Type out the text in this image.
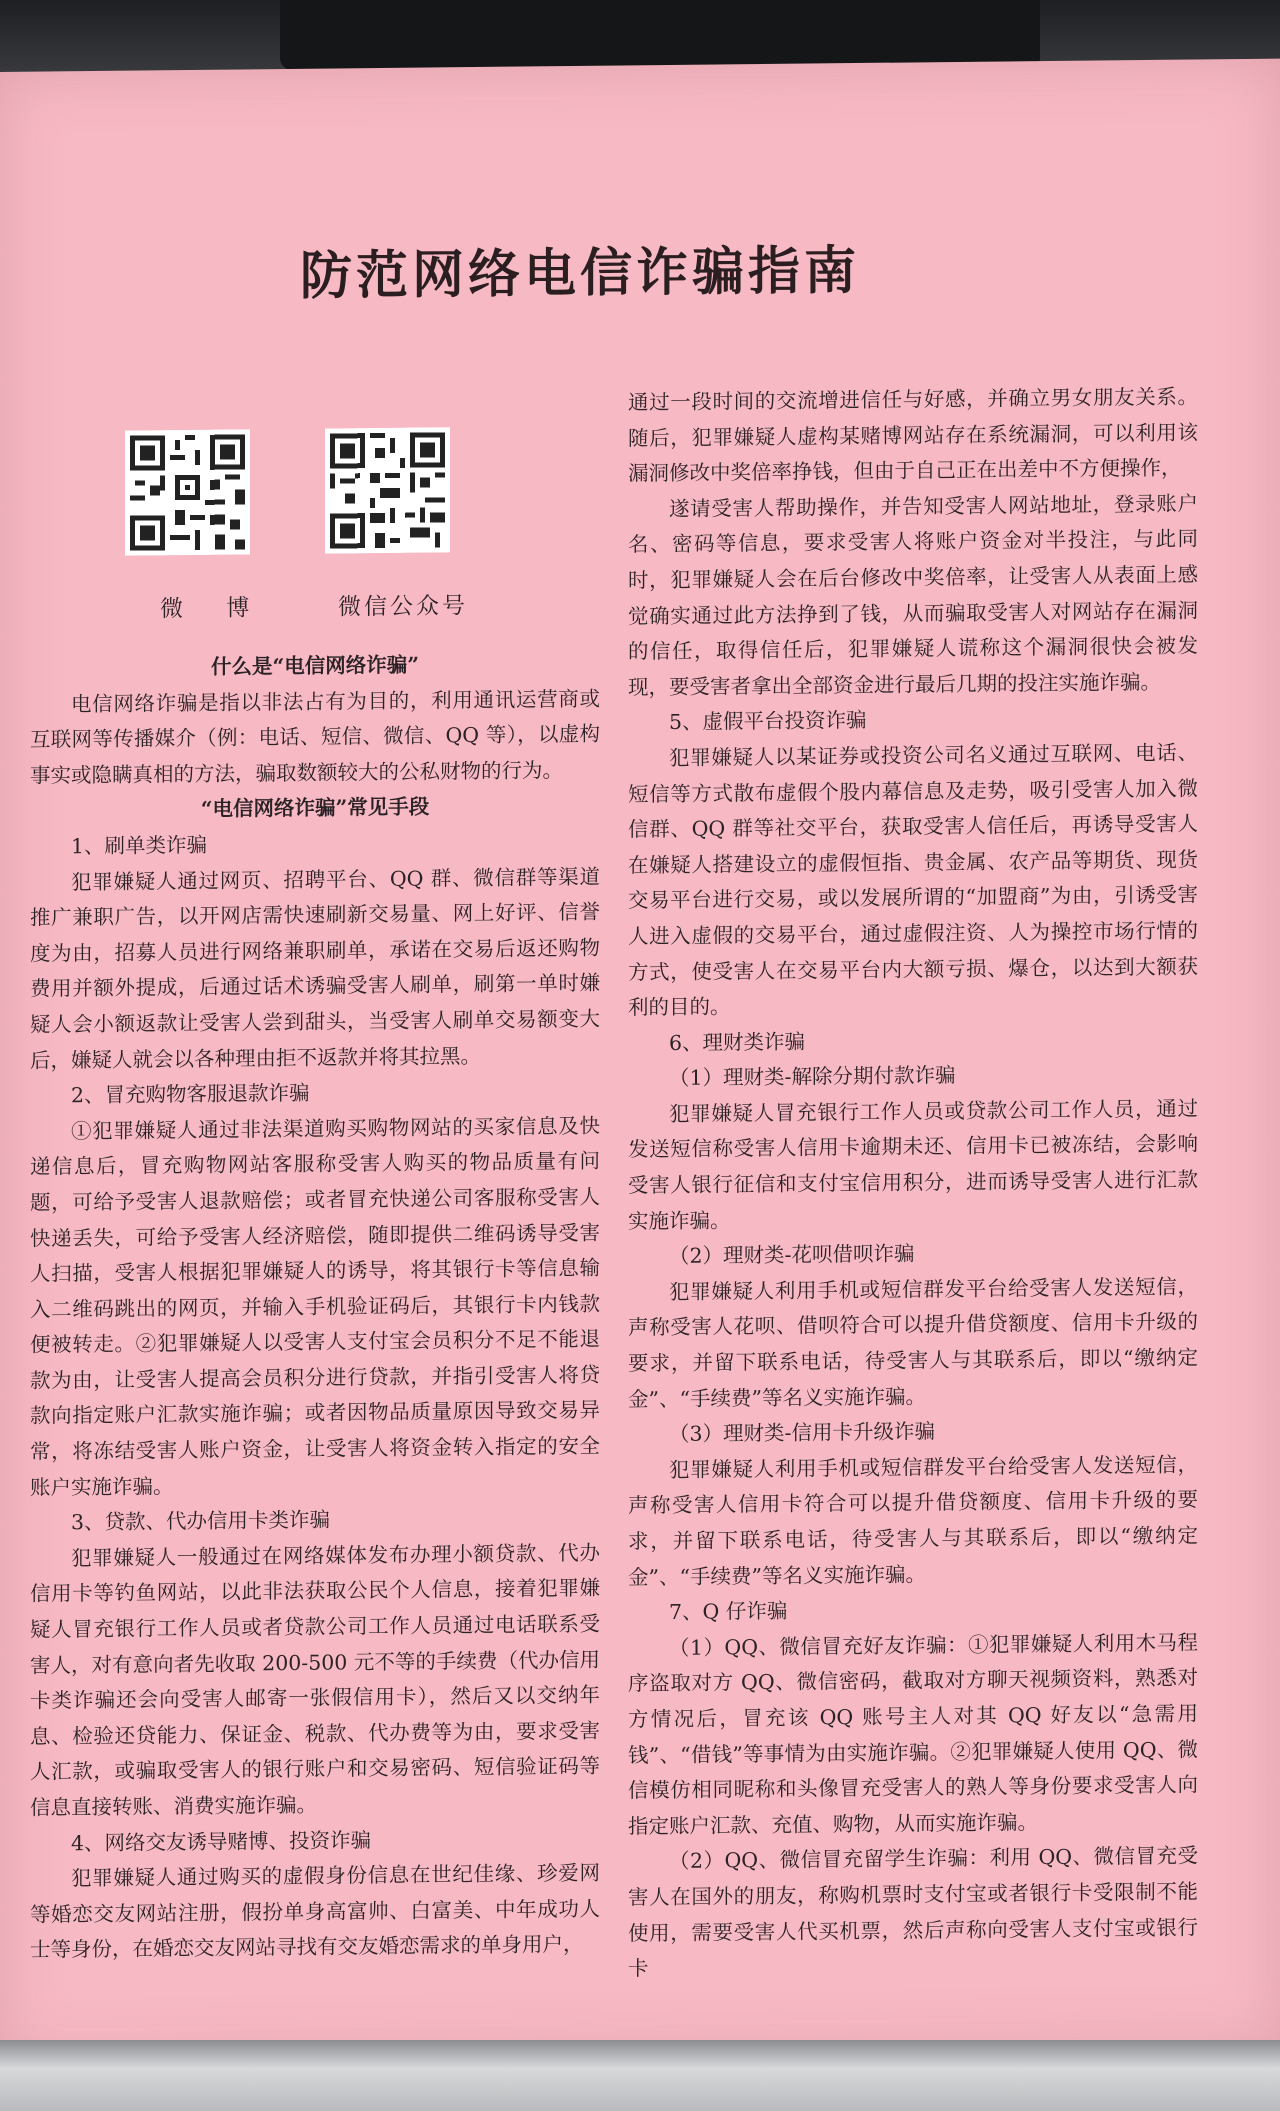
防范网络电信诈骗指南
微 博	微信公众号

什么是“电信网络诈骗”

电信网络诈骗是指以非法占有为目的，利用通讯运营商或互联网等传播媒介（例：电话、短信、微信、QQ 等），以虚构事实或隐瞒真相的方法，骗取数额较大的公私财物的行为。

“电信网络诈骗”常见手段

1、刷单类诈骗

犯罪嫌疑人通过网页、招聘平台、QQ 群、微信群等渠道推广兼职广告，以开网店需快速刷新交易量、网上好评、信誉度为由，招募人员进行网络兼职刷单，承诺在交易后返还购物费用并额外提成，后通过话术诱骗受害人刷单，刷第一单时嫌疑人会小额返款让受害人尝到甜头，当受害人刷单交易额变大后，嫌疑人就会以各种理由拒不返款并将其拉黑。

2、冒充购物客服退款诈骗

①犯罪嫌疑人通过非法渠道购买购物网站的买家信息及快递信息后，冒充购物网站客服称受害人购买的物品质量有问题，可给予受害人退款赔偿；或者冒充快递公司客服称受害人快递丢失，可给予受害人经济赔偿，随即提供二维码诱导受害人扫描，受害人根据犯罪嫌疑人的诱导，将其银行卡等信息输入二维码跳出的网页，并输入手机验证码后，其银行卡内钱款便被转走。②犯罪嫌疑人以受害人支付宝会员积分不足不能退款为由，让受害人提高会员积分进行贷款，并指引受害人将贷款向指定账户汇款实施诈骗；或者因物品质量原因导致交易异常，将冻结受害人账户资金，让受害人将资金转入指定的安全账户实施诈骗。

3、贷款、代办信用卡类诈骗

犯罪嫌疑人一般通过在网络媒体发布办理小额贷款、代办信用卡等钓鱼网站，以此非法获取公民个人信息，接着犯罪嫌疑人冒充银行工作人员或者贷款公司工作人员通过电话联系受害人，对有意向者先收取 200-500 元不等的手续费（代办信用卡类诈骗还会向受害人邮寄一张假信用卡），然后又以交纳年息、检验还贷能力、保证金、税款、代办费等为由，要求受害人汇款，或骗取受害人的银行账户和交易密码、短信验证码等信息直接转账、消费实施诈骗。

4、网络交友诱导赌博、投资诈骗

犯罪嫌疑人通过购买的虚假身份信息在世纪佳缘、珍爱网等婚恋交友网站注册，假扮单身高富帅、白富美、中年成功人士等身份，在婚恋交友网站寻找有交友婚恋需求的单身用户，

通过一段时间的交流增进信任与好感，并确立男女朋友关系。随后，犯罪嫌疑人虚构某赌博网站存在系统漏洞，可以利用该漏洞修改中奖倍率挣钱，但由于自己正在出差中不方便操作，

遂请受害人帮助操作，并告知受害人网站地址，登录账户名、密码等信息，要求受害人将账户资金对半投注，与此同时，犯罪嫌疑人会在后台修改中奖倍率，让受害人从表面上感觉确实通过此方法挣到了钱，从而骗取受害人对网站存在漏洞的信任，取得信任后，犯罪嫌疑人谎称这个漏洞很快会被发现，要受害者拿出全部资金进行最后几期的投注实施诈骗。

5、虚假平台投资诈骗

犯罪嫌疑人以某证券或投资公司名义通过互联网、电话、短信等方式散布虚假个股内幕信息及走势，吸引受害人加入微信群、QQ 群等社交平台，获取受害人信任后，再诱导受害人在嫌疑人搭建设立的虚假恒指、贵金属、农产品等期货、现货交易平台进行交易，或以发展所谓的“加盟商”为由，引诱受害人进入虚假的交易平台，通过虚假注资、人为操控市场行情的方式，使受害人在交易平台内大额亏损、爆仓，以达到大额获利的目的。

6、理财类诈骗

（1）理财类-解除分期付款诈骗

犯罪嫌疑人冒充银行工作人员或贷款公司工作人员，通过发送短信称受害人信用卡逾期未还、信用卡已被冻结，会影响受害人银行征信和支付宝信用积分，进而诱导受害人进行汇款实施诈骗。

（2）理财类-花呗借呗诈骗

犯罪嫌疑人利用手机或短信群发平台给受害人发送短信，声称受害人花呗、借呗符合可以提升借贷额度、信用卡升级的要求，并留下联系电话，待受害人与其联系后，即以“缴纳定金”、“手续费”等名义实施诈骗。

（3）理财类-信用卡升级诈骗

犯罪嫌疑人利用手机或短信群发平台给受害人发送短信，声称受害人信用卡符合可以提升借贷额度、信用卡升级的要求，并留下联系电话，待受害人与其联系后，即以“缴纳定金”、“手续费”等名义实施诈骗。

7、Q 仔诈骗

（1）QQ、微信冒充好友诈骗：①犯罪嫌疑人利用木马程序盗取对方 QQ、微信密码，截取对方聊天视频资料，熟悉对方情况后，冒充该 QQ 账号主人对其 QQ 好友以“急需用钱”、“借钱”等事情为由实施诈骗。②犯罪嫌疑人使用 QQ、微信模仿相同昵称和头像冒充受害人的熟人等身份要求受害人向指定账户汇款、充值、购物，从而实施诈骗。

（2）QQ、微信冒充留学生诈骗：利用 QQ、微信冒充受害人在国外的朋友，称购机票时支付宝或者银行卡受限制不能使用，需要受害人代买机票，然后声称向受害人支付宝或银行卡
